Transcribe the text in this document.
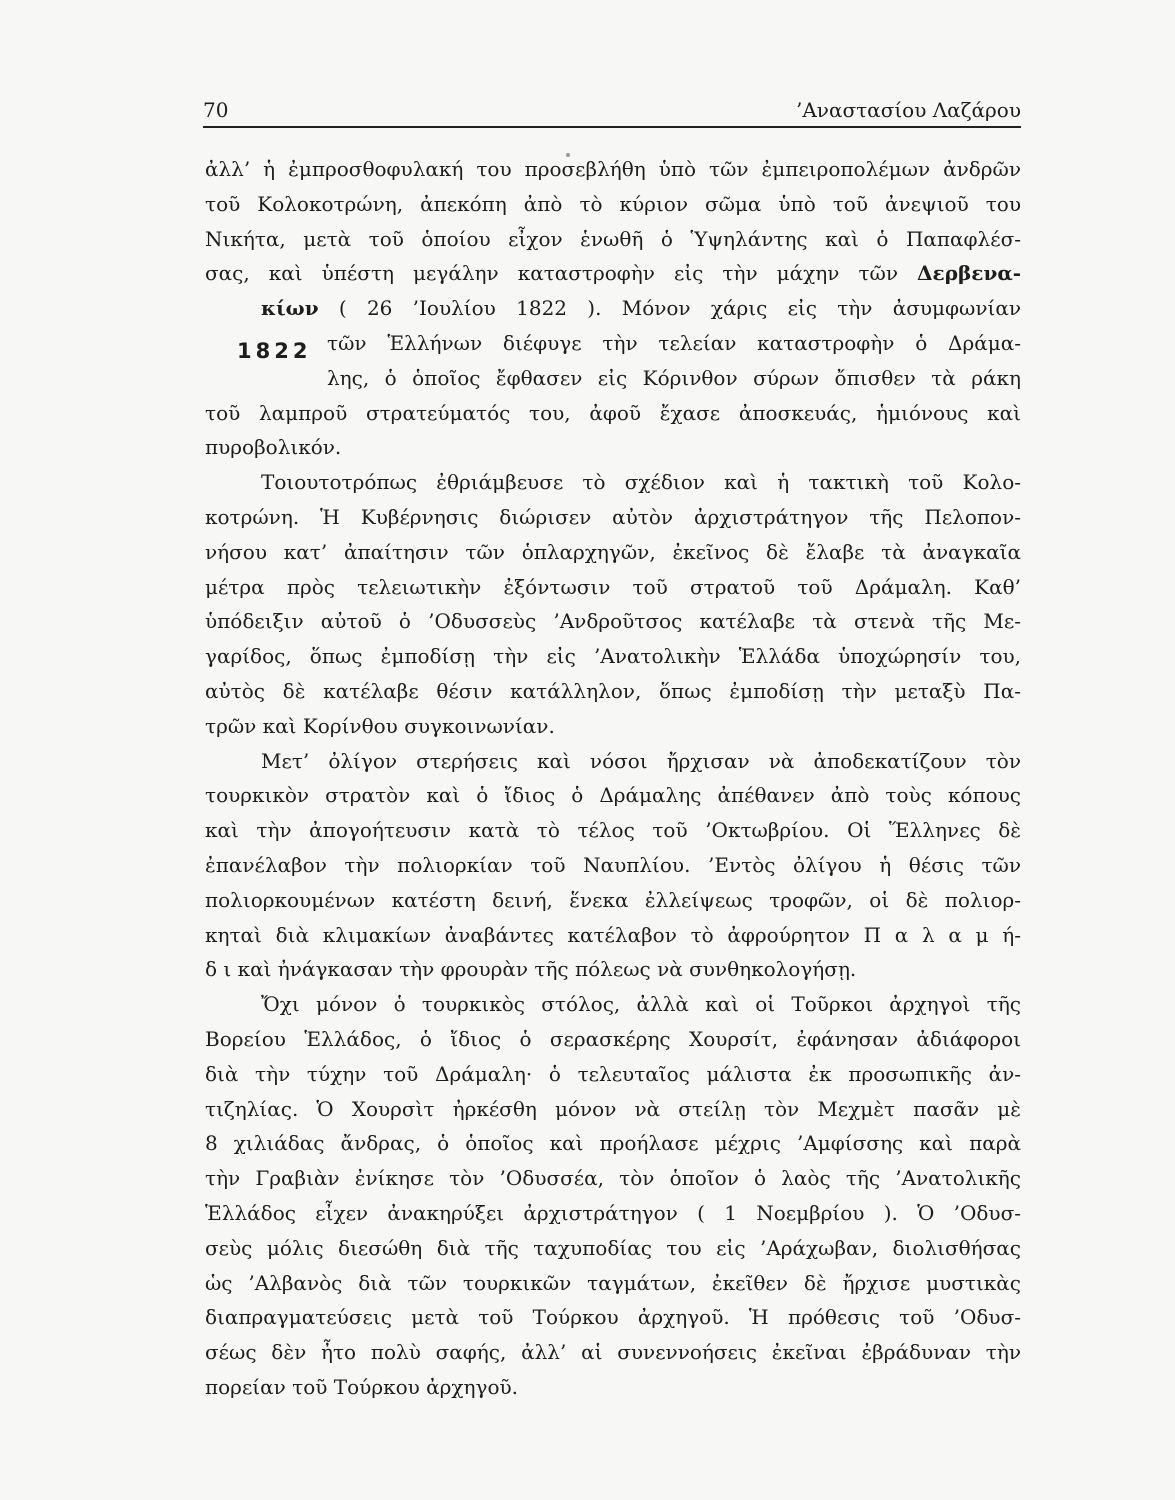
70	’Αναστασίου Λαζάρου
1822
ἀλλ’ ἡ ἐμπροσθοφυλακή του προσεβλήθη ὑπὸ τῶν ἐμπειροπολέμων ἀνδρῶν
τοῦ Κολοκοτρώνη, ἀπεκόπη ἀπὸ τὸ κύριον σῶμα ὑπὸ τοῦ ἀνεψιοῦ του
Νικήτα, μετὰ τοῦ ὁποίου εἶχον ἑνωθῆ ὁ Ὑψηλάντης καὶ ὁ Παπαφλέσ-
σας, καὶ ὑπέστη μεγάλην καταστροφὴν εἰς τὴν μάχην τῶν Δερβενα-
κίων ( 26 ’Ιουλίου 1822 ). Μόνον χάρις εἰς τὴν ἀσυμφωνίαν
τῶν Ἑλλήνων διέφυγε τὴν τελείαν καταστροφὴν ὁ Δράμα-
λης, ὁ ὁποῖος ἔφθασεν εἰς Κόρινθον σύρων ὄπισθεν τὰ ράκη
τοῦ λαμπροῦ στρατεύματός του, ἀφοῦ ἔχασε ἀποσκευάς, ἡμιόνους καὶ
πυροβολικόν.
Τοιουτοτρόπως ἐθριάμβευσε τὸ σχέδιον καὶ ἡ τακτικὴ τοῦ Κολο-
κοτρώνη. Ἡ Κυβέρνησις διώρισεν αὐτὸν ἀρχιστράτηγον τῆς Πελοπον-
νήσου κατ’ ἀπαίτησιν τῶν ὁπλαρχηγῶν, ἐκεῖνος δὲ ἔλαβε τὰ ἀναγκαῖα
μέτρα πρὸς τελειωτικὴν ἐξόντωσιν τοῦ στρατοῦ τοῦ Δράμαλη. Καθ’
ὑπόδειξιν αὐτοῦ ὁ ’Οδυσσεὺς ’Ανδροῦτσος κατέλαβε τὰ στενὰ τῆς Με-
γαρίδος, ὅπως ἐμποδίσῃ τὴν εἰς ’Ανατολικὴν Ἑλλάδα ὑποχώρησίν του,
αὐτὸς δὲ κατέλαβε θέσιν κατάλληλον, ὅπως ἐμποδίσῃ τὴν μεταξὺ Πα-
τρῶν καὶ Κορίνθου συγκοινωνίαν.
Μετ’ ὀλίγον στερήσεις καὶ νόσοι ἤρχισαν νὰ ἀποδεκατίζουν τὸν
τουρκικὸν στρατὸν καὶ ὁ ἴδιος ὁ Δράμαλης ἀπέθανεν ἀπὸ τοὺς κόπους
καὶ τὴν ἀπογοήτευσιν κατὰ τὸ τέλος τοῦ ’Οκτωβρίου. Οἱ Ἕλληνες δὲ
ἐπανέλαβον τὴν πολιορκίαν τοῦ Ναυπλίου. ’Εντὸς ὀλίγου ἡ θέσις τῶν
πολιορκουμένων κατέστη δεινή, ἕνεκα ἐλλείψεως τροφῶν, οἱ δὲ πολιορ-
κηταὶ διὰ κλιμακίων ἀναβάντες κατέλαβον τὸ ἀφρούρητον Π α λ α μ ή-
δ ι καὶ ἠνάγκασαν τὴν φρουρὰν τῆς πόλεως νὰ συνθηκολογήσῃ.
Ὄχι μόνον ὁ τουρκικὸς στόλος, ἀλλὰ καὶ οἱ Τοῦρκοι ἀρχηγοὶ τῆς
Βορείου Ἑλλάδος, ὁ ἴδιος ὁ σερασκέρης Χουρσίτ, ἐφάνησαν ἀδιάφοροι
διὰ τὴν τύχην τοῦ Δράμαλη· ὁ τελευταῖος μάλιστα ἐκ προσωπικῆς ἀν-
τιζηλίας. Ὁ Χουρσὶτ ἠρκέσθη μόνον νὰ στείλῃ τὸν Μεχμὲτ πασᾶν μὲ
8 χιλιάδας ἄνδρας, ὁ ὁποῖος καὶ προήλασε μέχρις ’Αμφίσσης καὶ παρὰ
τὴν Γραβιὰν ἐνίκησε τὸν ’Οδυσσέα, τὸν ὁποῖον ὁ λαὸς τῆς ’Ανατολικῆς
Ἑλλάδος εἶχεν ἀνακηρύξει ἀρχιστράτηγον ( 1 Νοεμβρίου ). Ὁ ’Οδυσ-
σεὺς μόλις διεσώθη διὰ τῆς ταχυποδίας του εἰς ’Αράχωβαν, διολισθήσας
ὡς ’Αλβανὸς διὰ τῶν τουρκικῶν ταγμάτων, ἐκεῖθεν δὲ ἤρχισε μυστικὰς
διαπραγματεύσεις μετὰ τοῦ Τούρκου ἀρχηγοῦ. Ἡ πρόθεσις τοῦ ’Οδυσ-
σέως δὲν ἦτο πολὺ σαφής, ἀλλ’ αἱ συνεννοήσεις ἐκεῖναι ἐβράδυναν τὴν
πορείαν τοῦ Τούρκου ἀρχηγοῦ.
